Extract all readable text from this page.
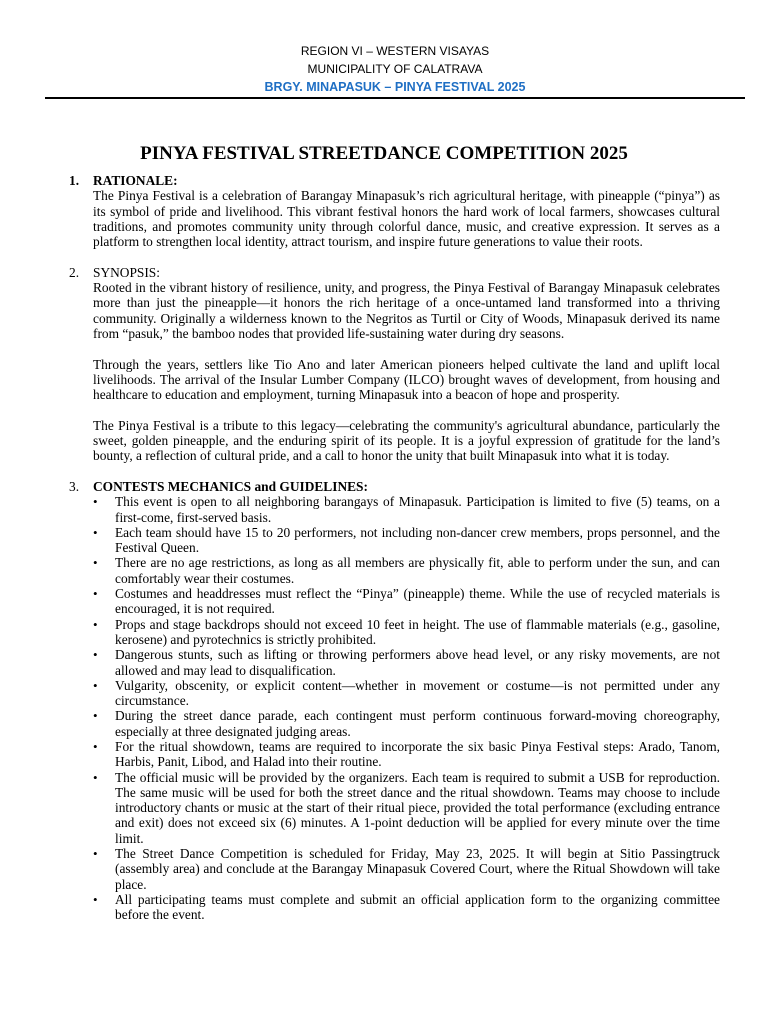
REGION VI – WESTERN VISAYAS
MUNICIPALITY OF CALATRAVA
BRGY. MINAPASUK – PINYA FESTIVAL 2025
PINYA FESTIVAL STREETDANCE COMPETITION 2025
1.	RATIONALE:
The Pinya Festival is a celebration of Barangay Minapasuk’s rich agricultural heritage, with pineapple (“pinya”) as its symbol of pride and livelihood. This vibrant festival honors the hard work of local farmers, showcases cultural traditions, and promotes community unity through colorful dance, music, and creative expression. It serves as a platform to strengthen local identity, attract tourism, and inspire future generations to value their roots.
2.	SYNOPSIS:
Rooted in the vibrant history of resilience, unity, and progress, the Pinya Festival of Barangay Minapasuk celebrates more than just the pineapple—it honors the rich heritage of a once-untamed land transformed into a thriving community. Originally a wilderness known to the Negritos as Turtil or City of Woods, Minapasuk derived its name from “pasuk,” the bamboo nodes that provided life-sustaining water during dry seasons.
Through the years, settlers like Tio Ano and later American pioneers helped cultivate the land and uplift local livelihoods. The arrival of the Insular Lumber Company (ILCO) brought waves of development, from housing and healthcare to education and employment, turning Minapasuk into a beacon of hope and prosperity.
The Pinya Festival is a tribute to this legacy—celebrating the community's agricultural abundance, particularly the sweet, golden pineapple, and the enduring spirit of its people. It is a joyful expression of gratitude for the land’s bounty, a reflection of cultural pride, and a call to honor the unity that built Minapasuk into what it is today.
3.	CONTESTS MECHANICS and GUIDELINES:
• This event is open to all neighboring barangays of Minapasuk. Participation is limited to five (5) teams, on a first-come, first-served basis.
• Each team should have 15 to 20 performers, not including non-dancer crew members, props personnel, and the Festival Queen.
• There are no age restrictions, as long as all members are physically fit, able to perform under the sun, and can comfortably wear their costumes.
• Costumes and headdresses must reflect the “Pinya” (pineapple) theme. While the use of recycled materials is encouraged, it is not required.
• Props and stage backdrops should not exceed 10 feet in height. The use of flammable materials (e.g., gasoline, kerosene) and pyrotechnics is strictly prohibited.
• Dangerous stunts, such as lifting or throwing performers above head level, or any risky movements, are not allowed and may lead to disqualification.
• Vulgarity, obscenity, or explicit content—whether in movement or costume—is not permitted under any circumstance.
• During the street dance parade, each contingent must perform continuous forward-moving choreography, especially at three designated judging areas.
• For the ritual showdown, teams are required to incorporate the six basic Pinya Festival steps: Arado, Tanom, Harbis, Panit, Libod, and Halad into their routine.
• The official music will be provided by the organizers. Each team is required to submit a USB for reproduction. The same music will be used for both the street dance and the ritual showdown. Teams may choose to include introductory chants or music at the start of their ritual piece, provided the total performance (excluding entrance and exit) does not exceed six (6) minutes. A 1-point deduction will be applied for every minute over the time limit.
• The Street Dance Competition is scheduled for Friday, May 23, 2025. It will begin at Sitio Passingtruck (assembly area) and conclude at the Barangay Minapasuk Covered Court, where the Ritual Showdown will take place.
• All participating teams must complete and submit an official application form to the organizing committee before the event.
